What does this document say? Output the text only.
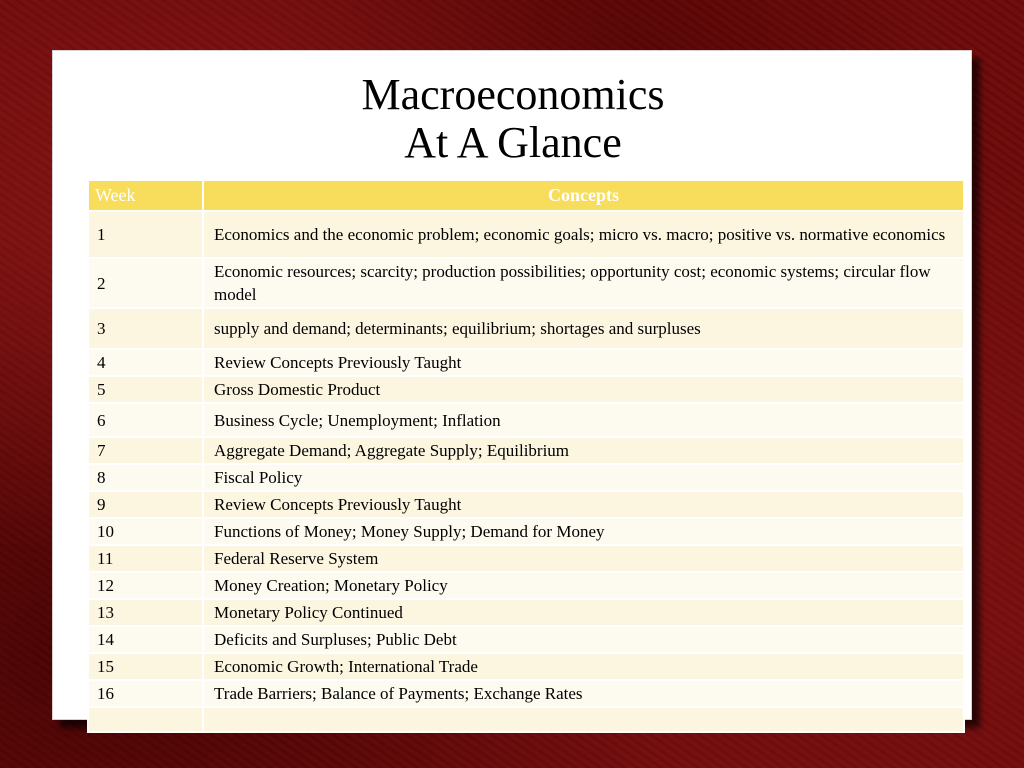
Macroeconomics
At A Glance
Week	Concepts
1	Economics and the economic problem; economic goals; micro vs. macro; positive vs. normative economics
2	Economic resources; scarcity; production possibilities; opportunity cost; economic systems; circular flow model
3	supply and demand; determinants; equilibrium; shortages and surpluses
4	Review Concepts Previously Taught
5	Gross Domestic Product
6	Business Cycle; Unemployment; Inflation
7	Aggregate Demand; Aggregate Supply; Equilibrium
8	Fiscal Policy
9	Review Concepts Previously Taught
10	Functions of Money; Money Supply; Demand for Money
11	Federal Reserve System
12	Money Creation; Monetary Policy
13	Monetary Policy Continued
14	Deficits and Surpluses; Public Debt
15	Economic Growth; International Trade
16	Trade Barriers; Balance of Payments; Exchange Rates
